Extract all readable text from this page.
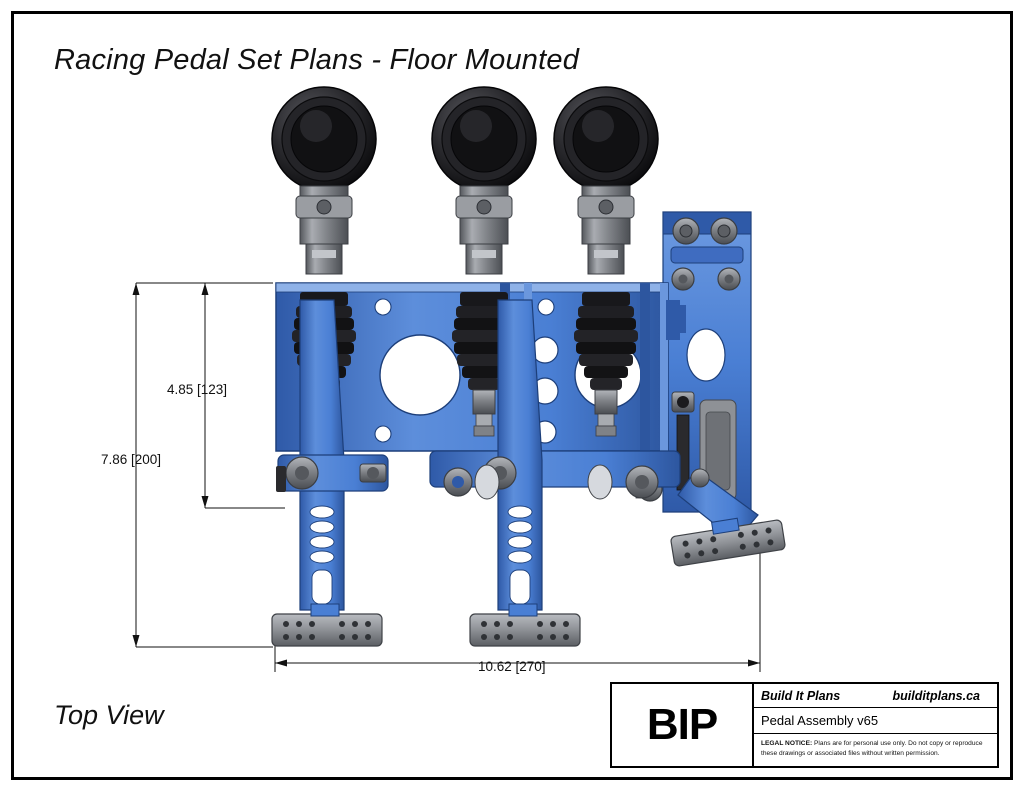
Racing Pedal Set Plans - Floor Mounted
Top View
4.85 [123]
7.86 [200]
10.62 [270]
BIP
Build It Plans	builditplans.ca
Pedal Assembly v65
LEGAL NOTICE: Plans are for personal use only. Do not copy or reproduce these drawings or associated files without written permission.
